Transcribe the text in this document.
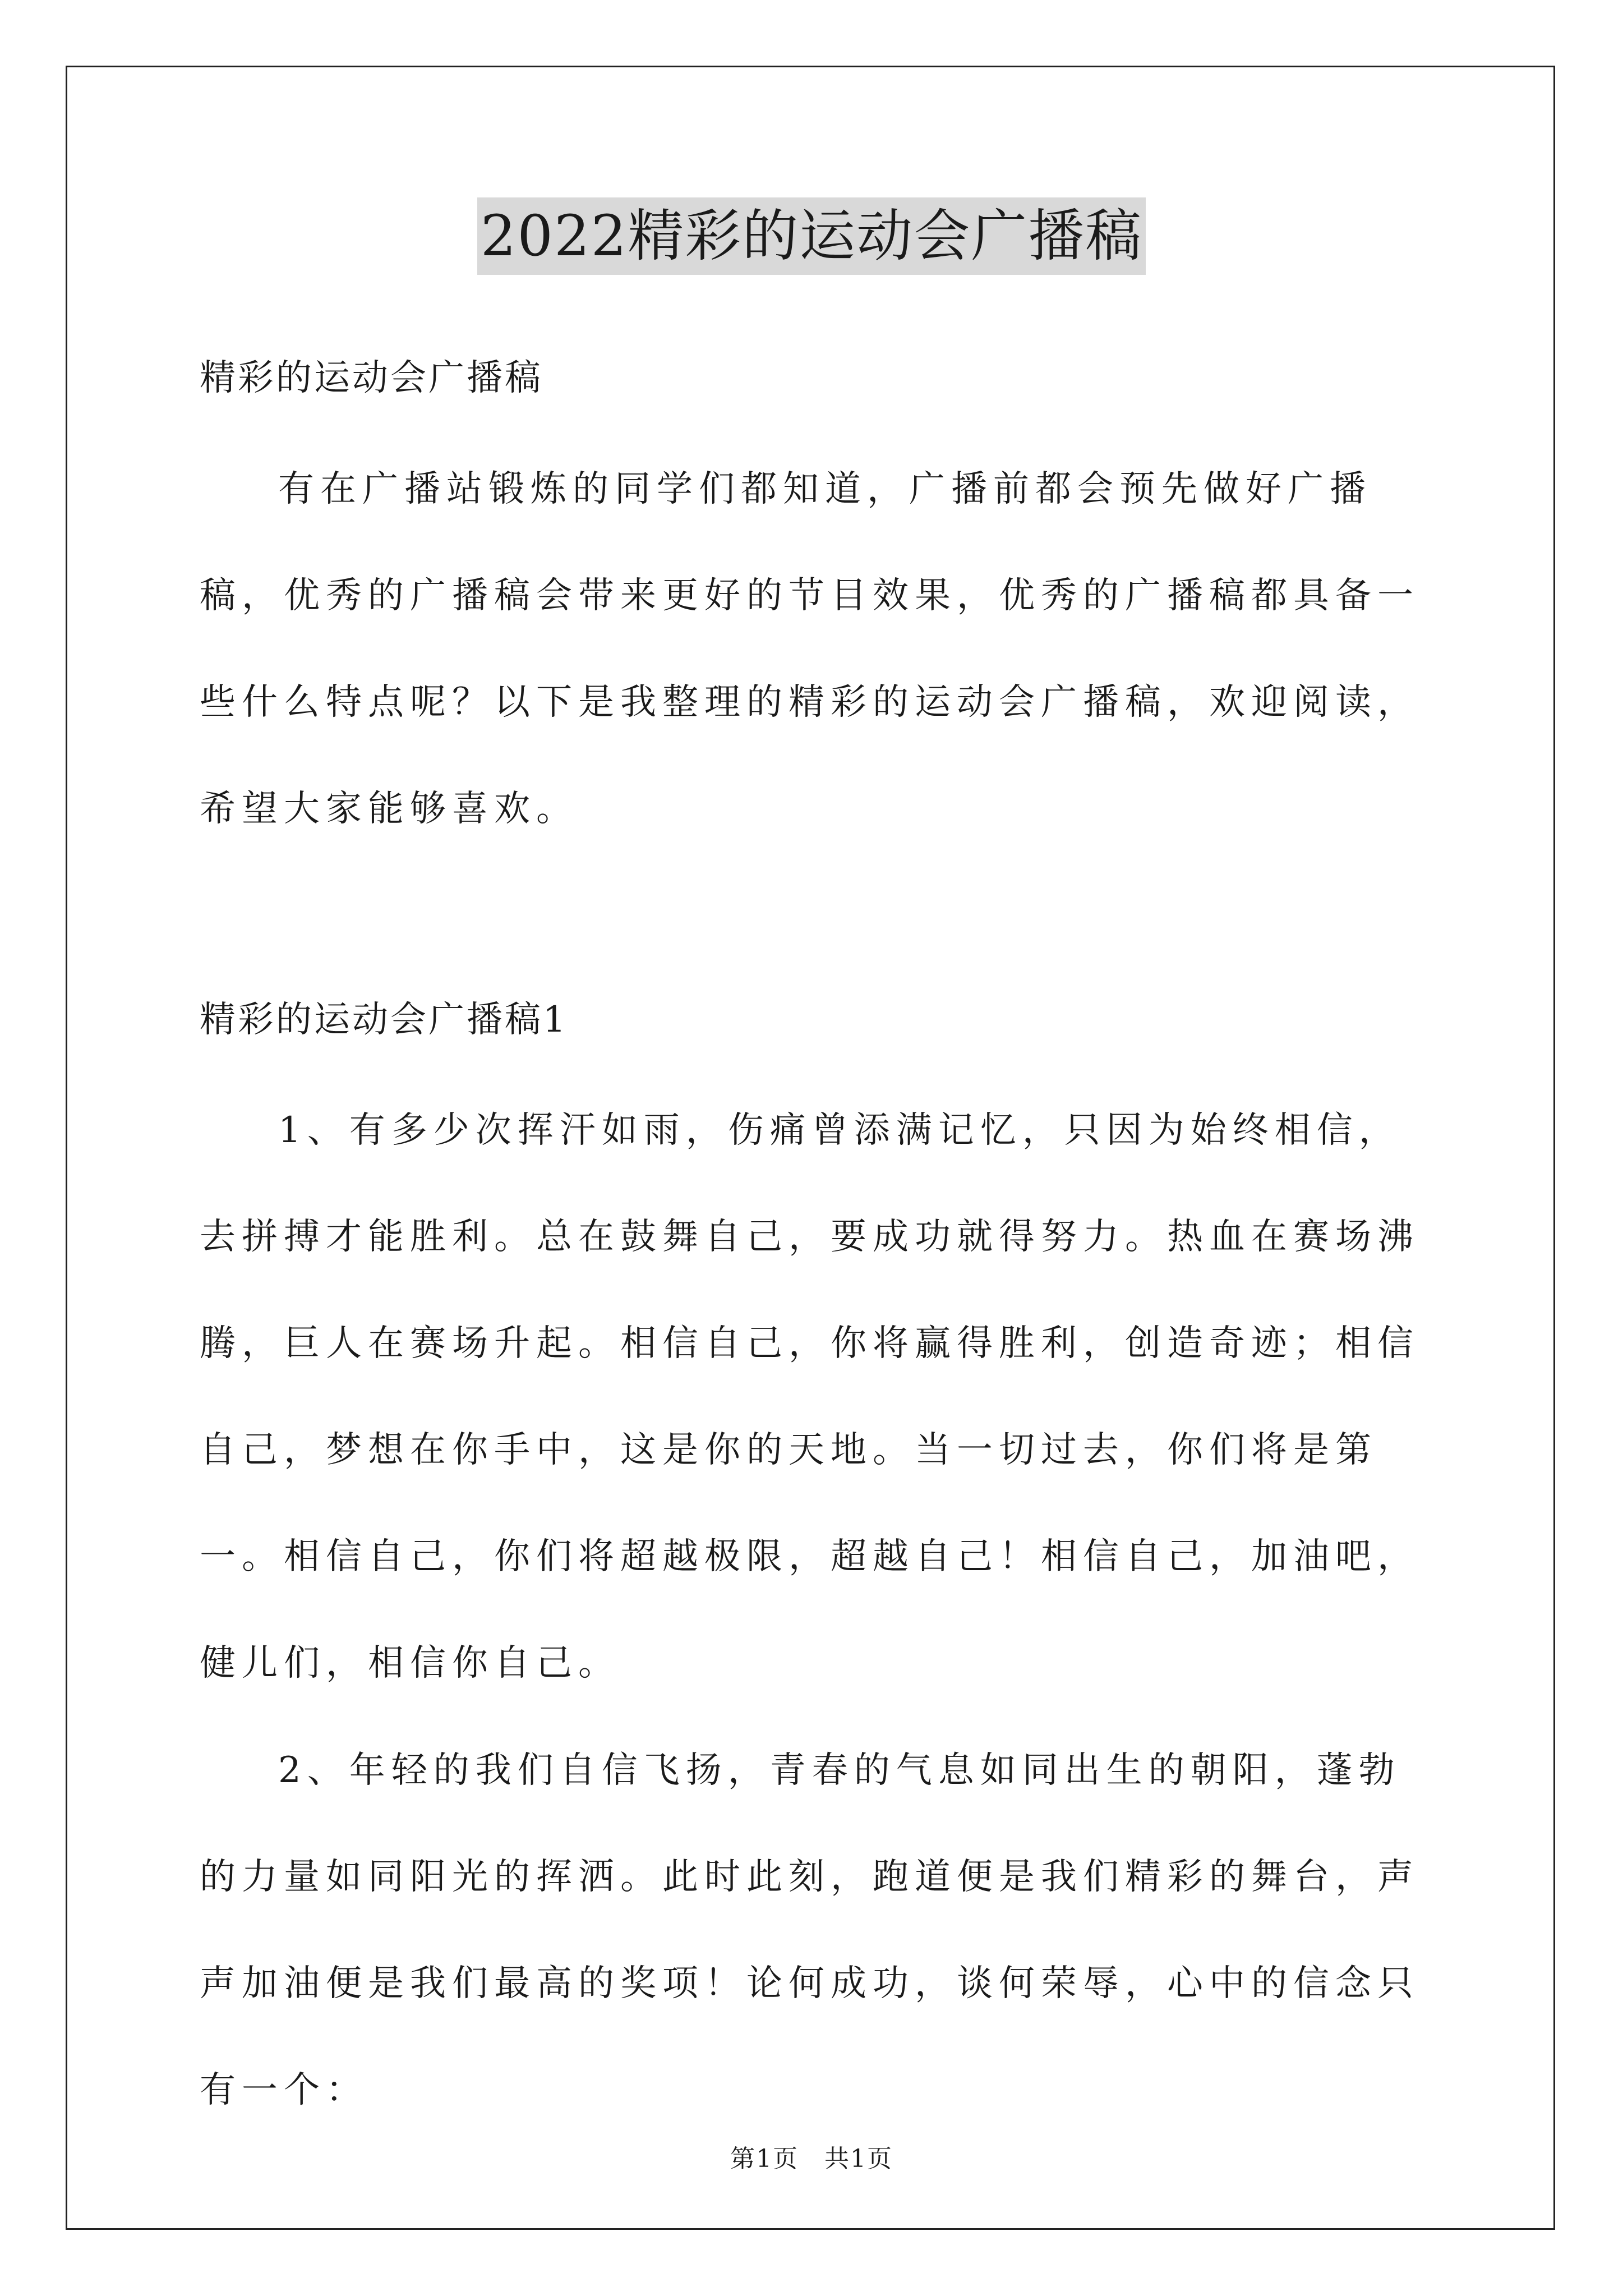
2022精彩的运动会广播稿
精彩的运动会广播稿

有在广播站锻炼的同学们都知道，广播前都会预先做好广播稿，优秀的广播稿会带来更好的节目效果，优秀的广播稿都具备一些什么特点呢？以下是我整理的精彩的运动会广播稿，欢迎阅读，希望大家能够喜欢。

精彩的运动会广播稿1

1、有多少次挥汗如雨，伤痛曾添满记忆，只因为始终相信，去拼搏才能胜利。总在鼓舞自己，要成功就得努力。热血在赛场沸腾，巨人在赛场升起。相信自己，你将赢得胜利，创造奇迹；相信自己，梦想在你手中，这是你的天地。当一切过去，你们将是第一。相信自己，你们将超越极限，超越自己！相信自己，加油吧，健儿们，相信你自己。

2、年轻的我们自信飞扬，青春的气息如同出生的朝阳，蓬勃的力量如同阳光的挥洒。此时此刻，跑道便是我们精彩的舞台，声声加油便是我们最高的奖项！论何成功，谈何荣辱，心中的信念只有一个：

第1页　共1页
